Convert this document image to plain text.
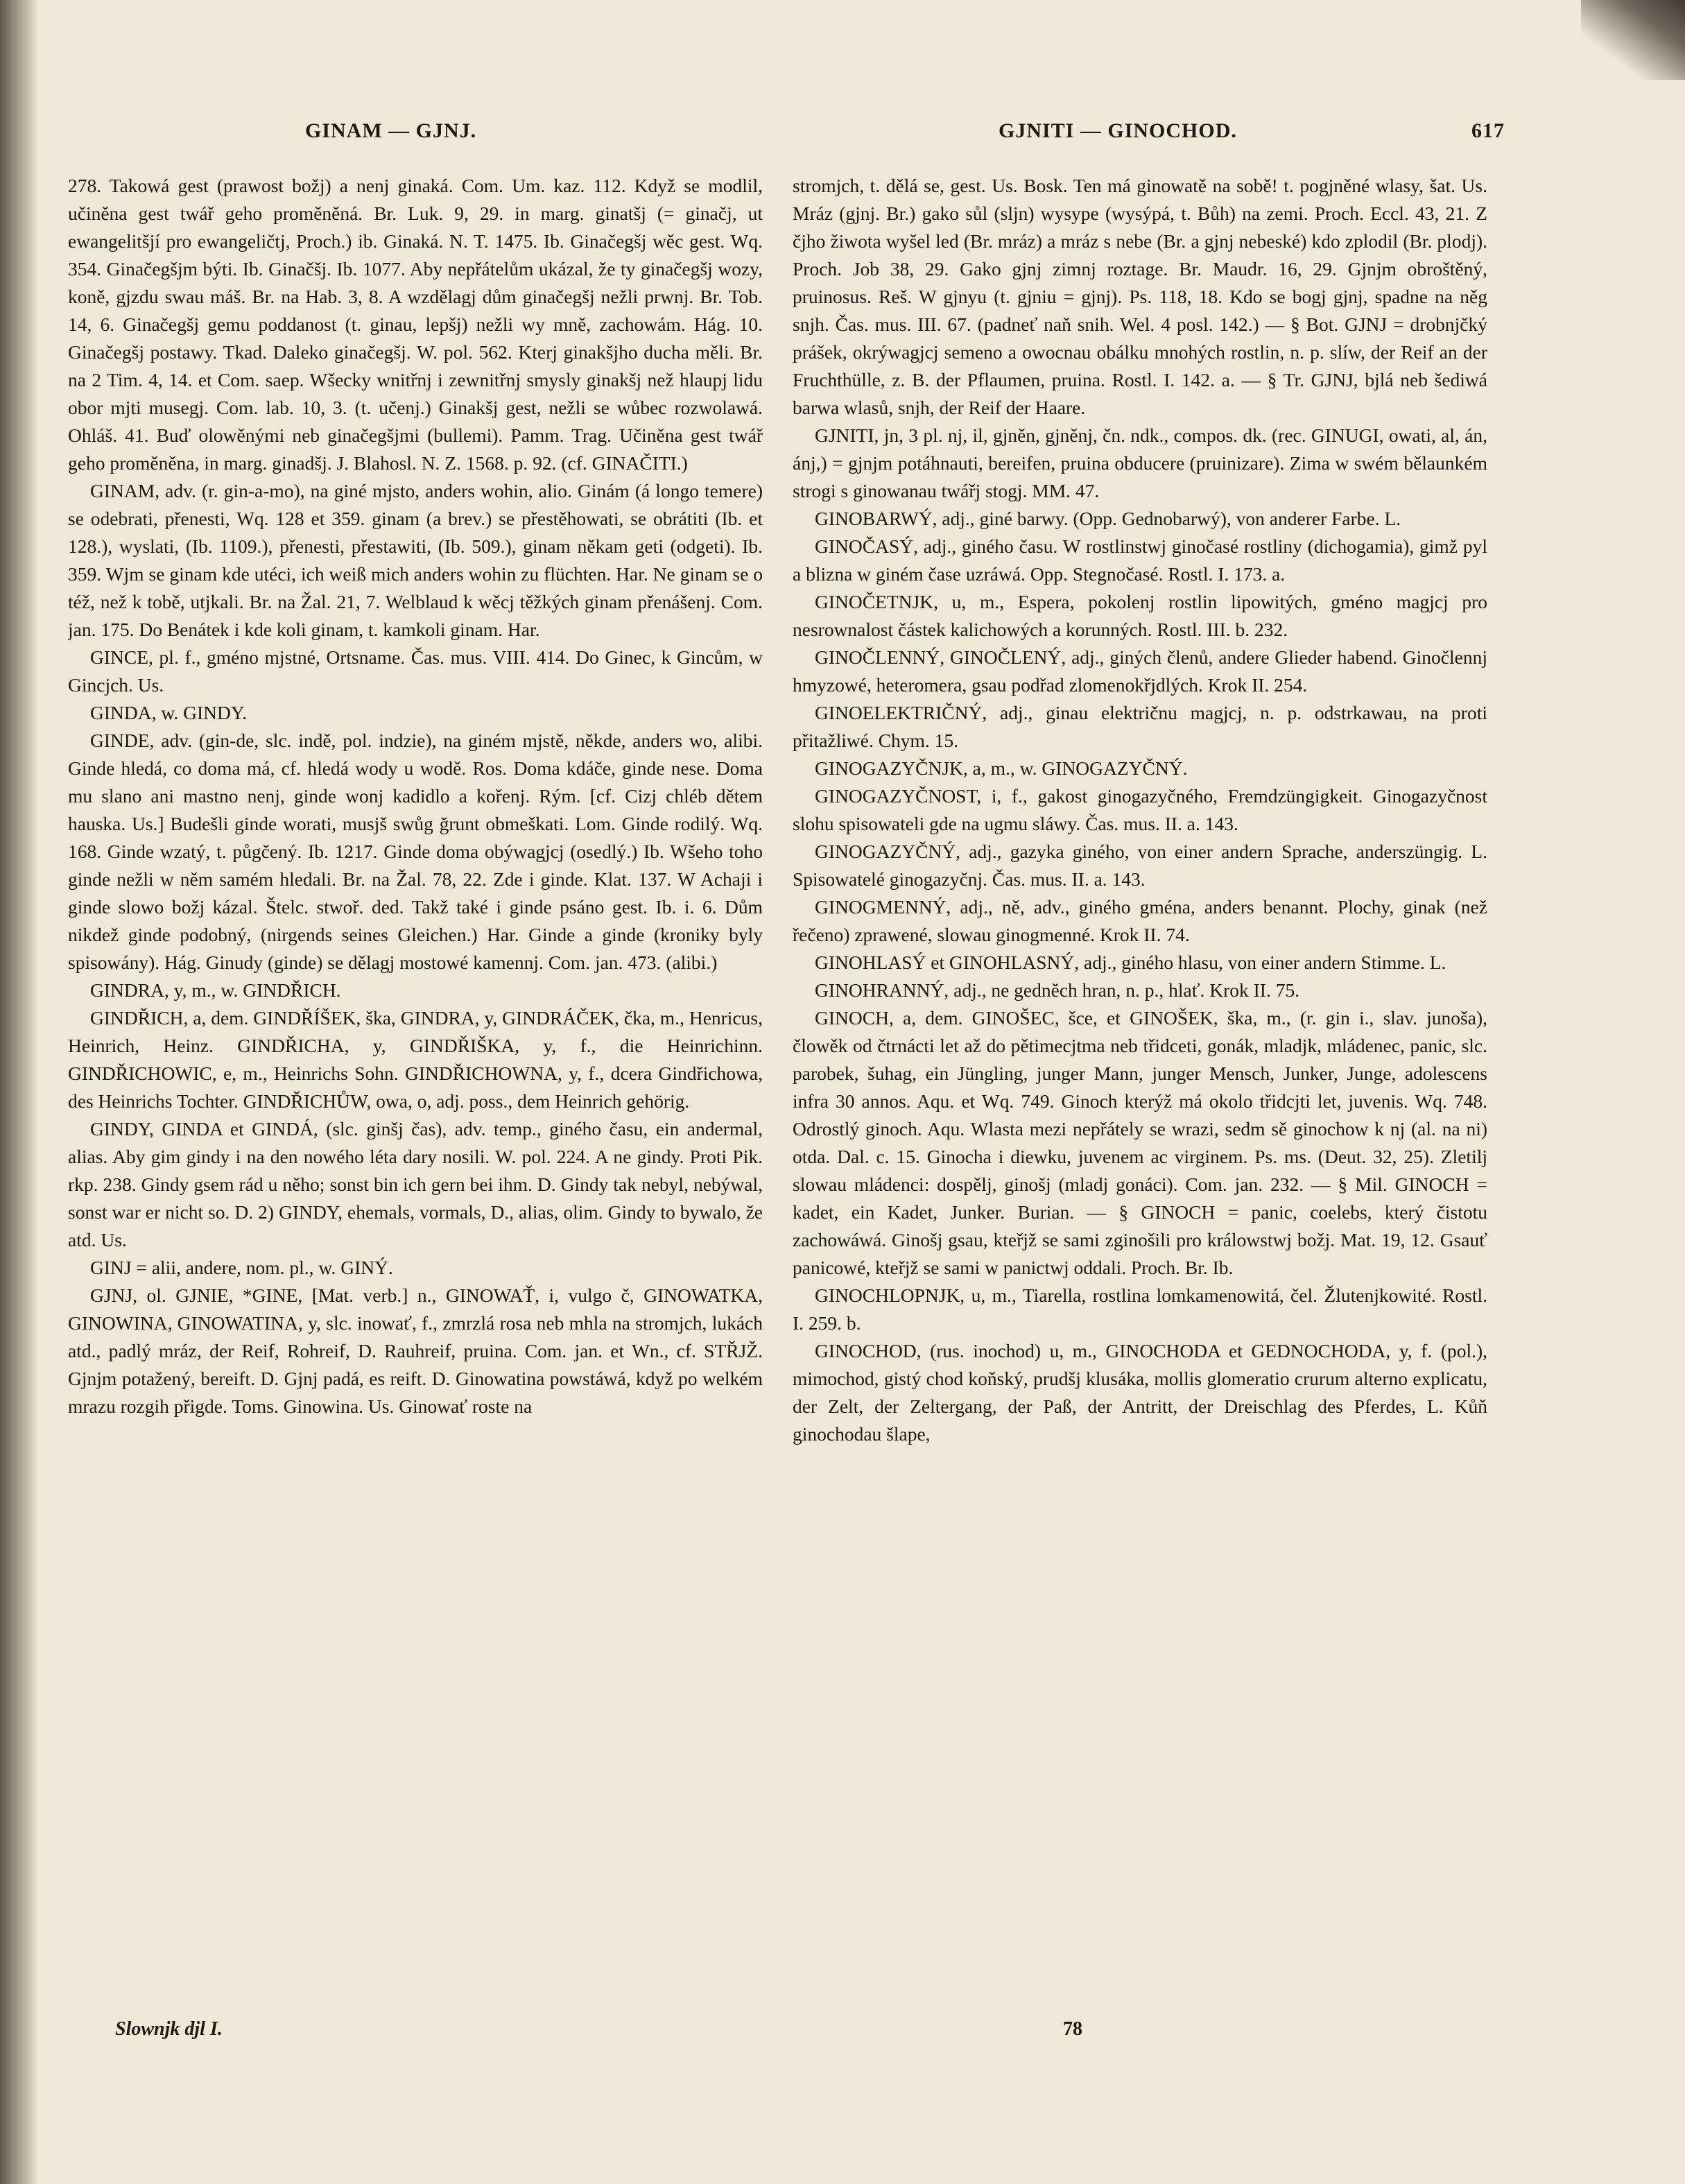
GINAM — GJNJ.	GJNITI — GINOCHOD.	617

278. Takowá gest (prawost božj) a nenj ginaká. Com. Um. kaz. 112. Když se modlil, učiněna gest twář geho proměněná. Br. Luk. 9, 29. in marg. ginatšj (= ginačj, ut ewangelitšjí pro ewangeličtj, Proch.) ib. Ginaká. N. T. 1475. Ib. Ginačegšj wěc gest. Wq. 354. Ginačegšjm býti. Ib. Ginačšj. Ib. 1077. Aby nepřátelům ukázal, že ty ginačegšj wozy, koně, gjzdu swau máš. Br. na Hab. 3, 8. A wzdělagj dům ginačegšj nežli prwnj. Br. Tob. 14, 6. Ginačegšj gemu poddanost (t. ginau, lepšj) nežli wy mně, zachowám. Hág. 10. Ginačegšj postawy. Tkad. Daleko ginačegšj. W. pol. 562. Kterj ginakšjho ducha měli. Br. na 2 Tim. 4, 14. et Com. saep. Wšecky wnitřnj i zewnitřnj smysly ginakšj než hlaupj lidu obor mjti musegj. Com. lab. 10, 3. (t. učenj.) Ginakšj gest, nežli se wůbec rozwolawá. Ohláš. 41. Buď olowěnými neb ginačegšjmi (bullemi). Pamm. Trag. Učiněna gest twář geho proměněna, in marg. ginadšj. J. Blahosl. N. Z. 1568. p. 92. (cf. GINAČITI.)

GINAM, adv. (r. gin-a-mo), na giné mjsto, anders wohin, alio. Ginám (á longo temere) se odebrati, přenesti, Wq. 128 et 359. ginam (a brev.) se přestěhowati, se obrátiti (Ib. et 128.), wyslati, (Ib. 1109.), přenesti, přestawiti, (Ib. 509.), ginam někam geti (odgeti). Ib. 359. Wjm se ginam kde utéci, ich weiß mich anders wohin zu flüchten. Har. Ne ginam se o též, než k tobě, utjkali. Br. na Žal. 21, 7. Welblaud k wěcj těžkých ginam přenášenj. Com. jan. 175. Do Benátek i kde koli ginam, t. kamkoli ginam. Har.

GINCE, pl. f., gméno mjstné, Ortsname. Čas. mus. VIII. 414. Do Ginec, k Gincům, w Gincjch. Us.

GINDA, w. GINDY.

GINDE, adv. (gin-de, slc. indě, pol. indzie), na giném mjstě, někde, anders wo, alibi. Ginde hledá, co doma má, cf. hledá wody u wodě. Ros. Doma kdáče, ginde nese. Doma mu slano ani mastno nenj, ginde wonj kadidlo a kořenj. Rým. [cf. Cizj chléb dětem hauska. Us.] Budešli ginde worati, musjš swůg ğrunt obmeškati. Lom. Ginde rodilý. Wq. 168. Ginde wzatý, t. půgčený. Ib. 1217. Ginde doma obýwagjcj (osedlý.) Ib. Wšeho toho ginde nežli w něm samém hledali. Br. na Žal. 78, 22. Zde i ginde. Klat. 137. W Achaji i ginde slowo božj kázal. Štelc. stwoř. ded. Takž také i ginde psáno gest. Ib. i. 6. Dům nikdež ginde podobný, (nirgends seines Gleichen.) Har. Ginde a ginde (kroniky byly spisowány). Hág. Ginudy (ginde) se dělagj mostowé kamennj. Com. jan. 473. (alibi.)

GINDRA, y, m., w. GINDŘICH.

GINDŘICH, a, dem. GINDŘÍŠEK, ška, GINDRA, y, GINDRÁČEK, čka, m., Henricus, Heinrich, Heinz. GINDŘICHA, y, GINDŘIŠKA, y, f., die Heinrichinn. GINDŘICHOWIC, e, m., Heinrichs Sohn. GINDŘICHOWNA, y, f., dcera Gindřichowa, des Heinrichs Tochter. GINDŘICHŮW, owa, o, adj. poss., dem Heinrich gehörig.

GINDY, GINDA et GINDÁ, (slc. ginšj čas), adv. temp., giného času, ein andermal, alias. Aby gim gindy i na den nowého léta dary nosili. W. pol. 224. A ne gindy. Proti Pik. rkp. 238. Gindy gsem rád u něho; sonst bin ich gern bei ihm. D. Gindy tak nebyl, nebýwal, sonst war er nicht so. D. 2) GINDY, ehemals, vormals, D., alias, olim. Gindy to bywalo, že atd. Us.

GINJ = alii, andere, nom. pl., w. GINÝ.

GJNJ, ol. GJNIE, *GINE, [Mat. verb.] n., GINOWAŤ, i, vulgo č, GINOWATKA, GINOWINA, GINOWATINA, y, slc. inowať, f., zmrzlá rosa neb mhla na stromjch, lukách atd., padlý mráz, der Reif, Rohreif, D. Rauhreif, pruina. Com. jan. et Wn., cf. STŘJŽ. Gjnjm potažený, bereift. D. Gjnj padá, es reift. D. Ginowatina powstáwá, když po welkém mrazu rozgih přigde. Toms. Ginowina. Us. Ginowať roste na

stromjch, t. dělá se, gest. Us. Bosk. Ten má ginowatě na sobě! t. pogjněné wlasy, šat. Us. Mráz (gjnj. Br.) gako sůl (sljn) wysype (wysýpá, t. Bůh) na zemi. Proch. Eccl. 43, 21. Z čjho žiwota wyšel led (Br. mráz) a mráz s nebe (Br. a gjnj nebeské) kdo zplodil (Br. plodj). Proch. Job 38, 29. Gako gjnj zimnj roztage. Br. Maudr. 16, 29. Gjnjm obroštěný, pruinosus. Reš. W gjnyu (t. gjniu = gjnj). Ps. 118, 18. Kdo se bogj gjnj, spadne na něg snjh. Čas. mus. III. 67. (padneť naň snih. Wel. 4 posl. 142.) — § Bot. GJNJ = drobnjčký prášek, okrýwagjcj semeno a owocnau obálku mnohých rostlin, n. p. slíw, der Reif an der Fruchthülle, z. B. der Pflaumen, pruina. Rostl. I. 142. a. — § Tr. GJNJ, bjlá neb šediwá barwa wlasů, snjh, der Reif der Haare.

GJNITI, jn, 3 pl. nj, il, gjněn, gjněnj, čn. ndk., compos. dk. (rec. GINUGI, owati, al, án, ánj,) = gjnjm potáhnauti, bereifen, pruina obducere (pruinizare). Zima w swém bělaunkém strogi s ginowanau twářj stogj. MM. 47.

GINOBARWÝ, adj., giné barwy. (Opp. Gednobarwý), von anderer Farbe. L.

GINOČASÝ, adj., giného času. W rostlinstwj ginočasé rostliny (dichogamia), gimž pyl a blizna w giném čase uzráwá. Opp. Stegnočasé. Rostl. I. 173. a.

GINOČETNJK, u, m., Espera, pokolenj rostlin lipowitých, gméno magjcj pro nesrownalost částek kalichowých a korunných. Rostl. III. b. 232.

GINOČLENNÝ, GINOČLENÝ, adj., giných členů, andere Glieder habend. Ginočlennj hmyzowé, heteromera, gsau podřad zlomenokřjdlých. Krok II. 254.

GINOELEKTRIČNÝ, adj., ginau električnu magjcj, n. p. odstrkawau, na proti přitažliwé. Chym. 15.

GINOGAZYČNJK, a, m., w. GINOGAZYČNÝ.

GINOGAZYČNOST, i, f., gakost ginogazyčného, Fremdzüngigkeit. Ginogazyčnost slohu spisowateli gde na ugmu sláwy. Čas. mus. II. a. 143.

GINOGAZYČNÝ, adj., gazyka giného, von einer andern Sprache, anderszüngig. L. Spisowatelé ginogazyčnj. Čas. mus. II. a. 143.

GINOGMENNÝ, adj., ně, adv., giného gména, anders benannt. Plochy, ginak (než řečeno) zprawené, slowau ginogmenné. Krok II. 74.

GINOHLASÝ et GINOHLASNÝ, adj., giného hlasu, von einer andern Stimme. L.

GINOHRANNÝ, adj., ne gedněch hran, n. p., hlať. Krok II. 75.

GINOCH, a, dem. GINOŠEC, šce, et GINOŠEK, ška, m., (r. gin i., slav. junoša), člowěk od čtrnácti let až do pětimecjtma neb třidceti, gonák, mladjk, mládenec, panic, slc. parobek, šuhag, ein Jüngling, junger Mann, junger Mensch, Junker, Junge, adolescens infra 30 annos. Aqu. et Wq. 749. Ginoch kterýž má okolo třidcjti let, juvenis. Wq. 748. Odrostlý ginoch. Aqu. Wlasta mezi nepřátely se wrazi, sedm sě ginochow k nj (al. na ni) otda. Dal. c. 15. Ginocha i diewku, juvenem ac virginem. Ps. ms. (Deut. 32, 25). Zletilj slowau mládenci: dospělj, ginošj (mladj gonáci). Com. jan. 232. — § Mil. GINOCH = kadet, ein Kadet, Junker. Burian. — § GINOCH = panic, coelebs, který čistotu zachowáwá. Ginošj gsau, kteřjž se sami zginošili pro králowstwj božj. Mat. 19, 12. Gsauť panicowé, kteřjž se sami w panictwj oddali. Proch. Br. Ib.

GINOCHLOPNJK, u, m., Tiarella, rostlina lomkamenowitá, čel. Žlutenjkowité. Rostl. I. 259. b.

GINOCHOD, (rus. inochod) u, m., GINOCHODA et GEDNOCHODA, y, f. (pol.), mimochod, gistý chod koňský, prudšj klusáka, mollis glomeratio crurum alterno explicatu, der Zelt, der Zeltergang, der Paß, der Antritt, der Dreischlag des Pferdes, L. Kůň ginochodau šlape,

Slownjk djl I.	78
